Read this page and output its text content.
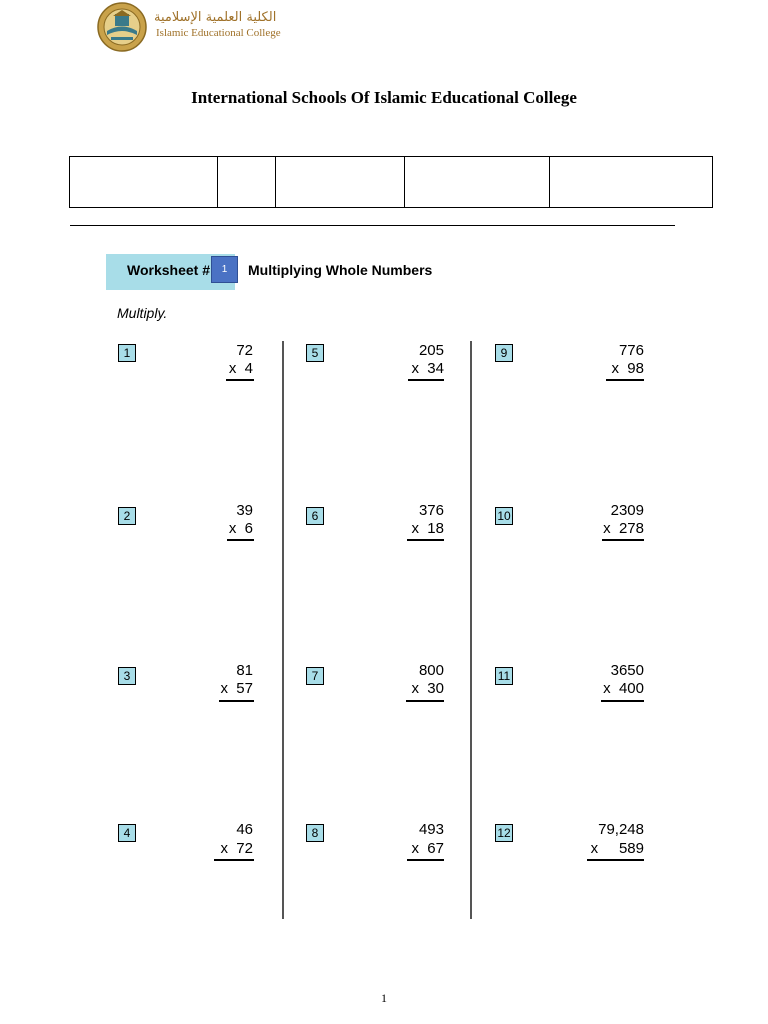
الكلية العلمية الإسلامية
Islamic Educational College
International Schools Of Islamic Educational College

Worksheet #	1	Multiplying Whole Numbers
Multiply.
1	72
x  4
2	39
x  6
3	81
x  57
4	46
x  72
5	205
x  34
6	376
x  18
7	800
x  30
8	493
x  67
9	776
x  98
10	2309
x  278
11	3650
x  400
12	79,248
x     589
1
